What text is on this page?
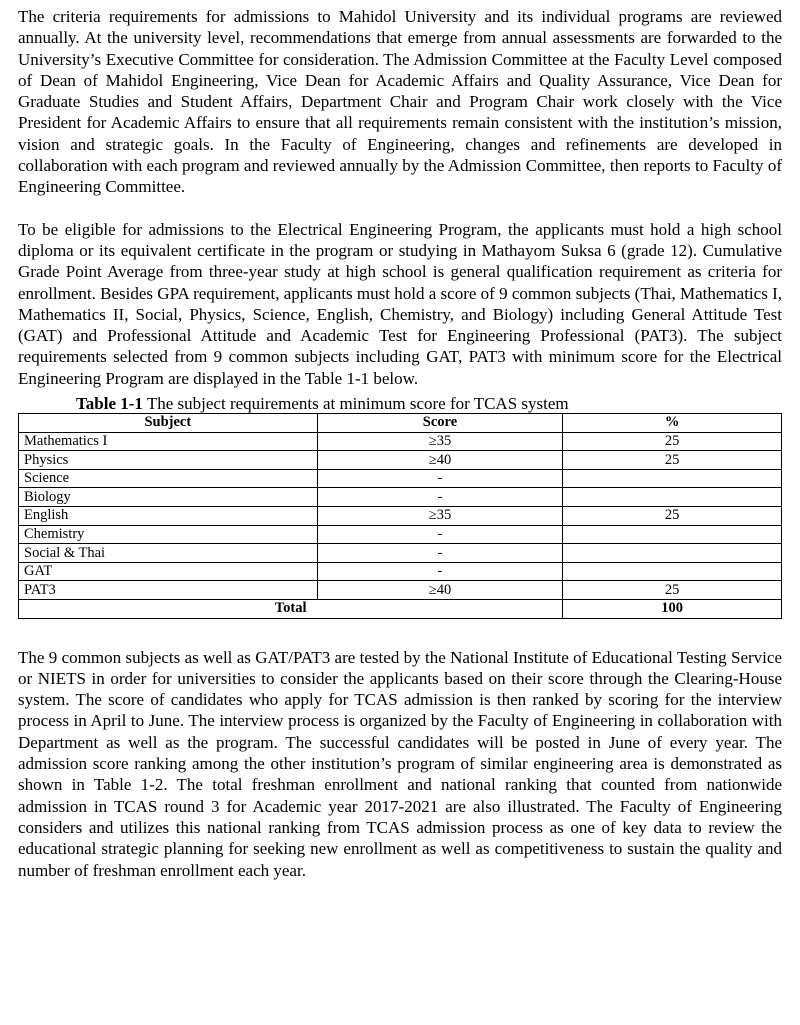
The criteria requirements for admissions to Mahidol University and its individual programs are reviewed annually. At the university level, recommendations that emerge from annual assessments are forwarded to the University’s Executive Committee for consideration. The Admission Committee at the Faculty Level composed of Dean of Mahidol Engineering, Vice Dean for Academic Affairs and Quality Assurance, Vice Dean for Graduate Studies and Student Affairs, Department Chair and Program Chair work closely with the Vice President for Academic Affairs to ensure that all requirements remain consistent with the institution’s mission, vision and strategic goals. In the Faculty of Engineering, changes and refinements are developed in collaboration with each program and reviewed annually by the Admission Committee, then reports to Faculty of Engineering Committee.

To be eligible for admissions to the Electrical Engineering Program, the applicants must hold a high school diploma or its equivalent certificate in the program or studying in Mathayom Suksa 6 (grade 12). Cumulative Grade Point Average from three-year study at high school is general qualification requirement as criteria for enrollment. Besides GPA requirement, applicants must hold a score of 9 common subjects (Thai, Mathematics I, Mathematics II, Social, Physics, Science, English, Chemistry, and Biology) including General Attitude Test (GAT) and Professional Attitude and Academic Test for Engineering Professional (PAT3). The subject requirements selected from 9 common subjects including GAT, PAT3 with minimum score for the Electrical Engineering Program are displayed in the Table 1-1 below.

Table 1-1 The subject requirements at minimum score for TCAS system
Subject	Score	%
Mathematics I	≥35	25
Physics	≥40	25
Science	-	
Biology	-	
English	≥35	25
Chemistry	-	
Social & Thai	-	
GAT	-	
PAT3	≥40	25
Total		100

The 9 common subjects as well as GAT/PAT3 are tested by the National Institute of Educational Testing Service or NIETS in order for universities to consider the applicants based on their score through the Clearing-House system. The score of candidates who apply for TCAS admission is then ranked by scoring for the interview process in April to June. The interview process is organized by the Faculty of Engineering in collaboration with Department as well as the program. The successful candidates will be posted in June of every year. The admission score ranking among the other institution’s program of similar engineering area is demonstrated as shown in Table 1-2. The total freshman enrollment and national ranking that counted from nationwide admission in TCAS round 3 for Academic year 2017-2021 are also illustrated. The Faculty of Engineering considers and utilizes this national ranking from TCAS admission process as one of key data to review the educational strategic planning for seeking new enrollment as well as competitiveness to sustain the quality and number of freshman enrollment each year.
